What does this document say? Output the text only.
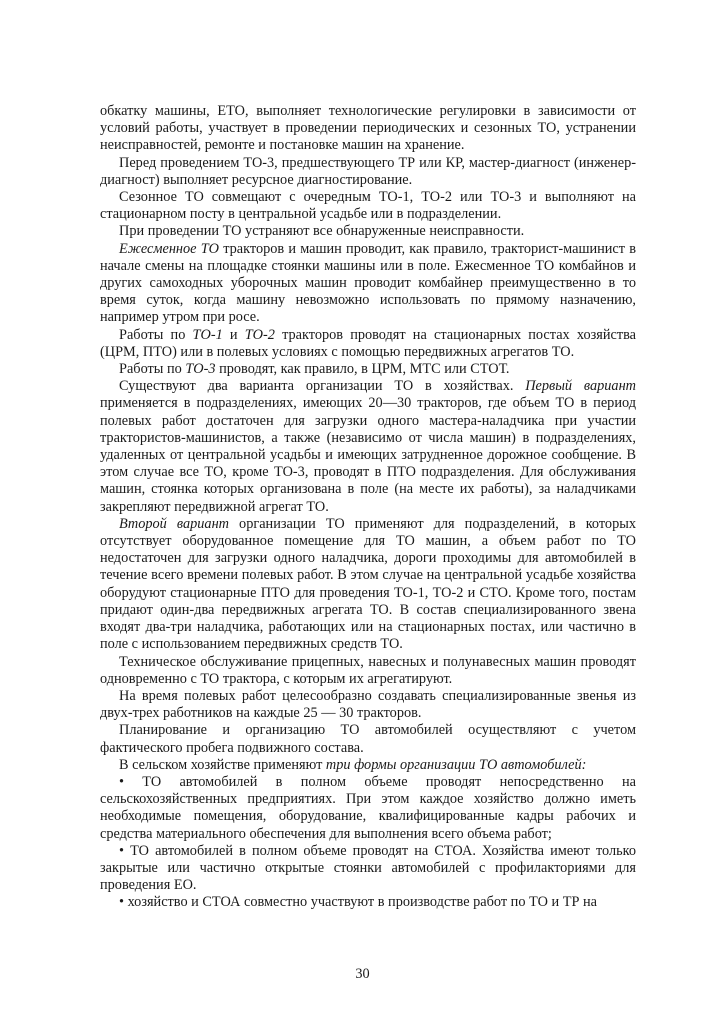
обкатку машины, ЕТО, выполняет технологические регулировки в зависимости от условий работы, участвует в проведении периодических и сезонных ТО, устранении неисправностей, ремонте и постановке машин на хранение.

Перед проведением ТО-3, предшествующего ТР или КР, мастер-диагност (инженер-диагност) выполняет ресурсное диагностирование.

Сезонное ТО совмещают с очередным ТО-1, ТО-2 или ТО-3 и выполняют на стационарном посту в центральной усадьбе или в подразделении.

При проведении ТО устраняют все обнаруженные неисправности.

Ежесменное ТО тракторов и машин проводит, как правило, тракторист-машинист в начале смены на площадке стоянки машины или в поле. Ежесменное ТО комбайнов и других самоходных уборочных машин проводит комбайнер преимущественно в то время суток, когда машину невозможно использовать по прямому назначению, например утром при росе.

Работы по ТО-1 и ТО-2 тракторов проводят на стационарных постах хозяйства (ЦРМ, ПТО) или в полевых условиях с помощью передвижных агрегатов ТО.

Работы по ТО-3 проводят, как правило, в ЦРМ, МТС или СТОТ.

Существуют два варианта организации ТО в хозяйствах. Первый вариант применяется в подразделениях, имеющих 20—30 тракторов, где объем ТО в период полевых работ достаточен для загрузки одного мастера-наладчика при участии трактористов-машинистов, а также (независимо от числа машин) в подразделениях, удаленных от центральной усадьбы и имеющих затрудненное дорожное сообщение. В этом случае все ТО, кроме ТО-3, проводят в ПТО подразделения. Для обслуживания машин, стоянка которых организована в поле (на месте их работы), за наладчиками закрепляют передвижной агрегат ТО.

Второй вариант организации ТО применяют для подразделений, в которых отсутствует оборудованное помещение для ТО машин, а объем работ по ТО недостаточен для загрузки одного наладчика, дороги проходимы для автомобилей в течение всего времени полевых работ. В этом случае на центральной усадьбе хозяйства оборудуют стационарные ПТО для проведения ТО-1, ТО-2 и СТО. Кроме того, постам придают один-два передвижных агрегата ТО. В состав специализированного звена входят два-три наладчика, работающих или на стационарных постах, или частично в поле с использованием передвижных средств ТО.

Техническое обслуживание прицепных, навесных и полунавесных машин проводят одновременно с ТО трактора, с которым их агрегатируют.

На время полевых работ целесообразно создавать специализированные звенья из двух-трех работников на каждые 25 — 30 тракторов.

Планирование и организацию ТО автомобилей осуществляют с учетом фактического пробега подвижного состава.

В сельском хозяйстве применяют три формы организации ТО автомобилей:

• ТО автомобилей в полном объеме проводят непосредственно на сельскохозяйственных предприятиях. При этом каждое хозяйство должно иметь необходимые помещения, оборудование, квалифицированные кадры рабочих и средства материального обеспечения для выполнения всего объема работ;

• ТО автомобилей в полном объеме проводят на СТОА. Хозяйства имеют только закрытые или частично открытые стоянки автомобилей с профилакториями для проведения ЕО.

• хозяйство и СТОА совместно участвуют в производстве работ по ТО и ТР на

30
